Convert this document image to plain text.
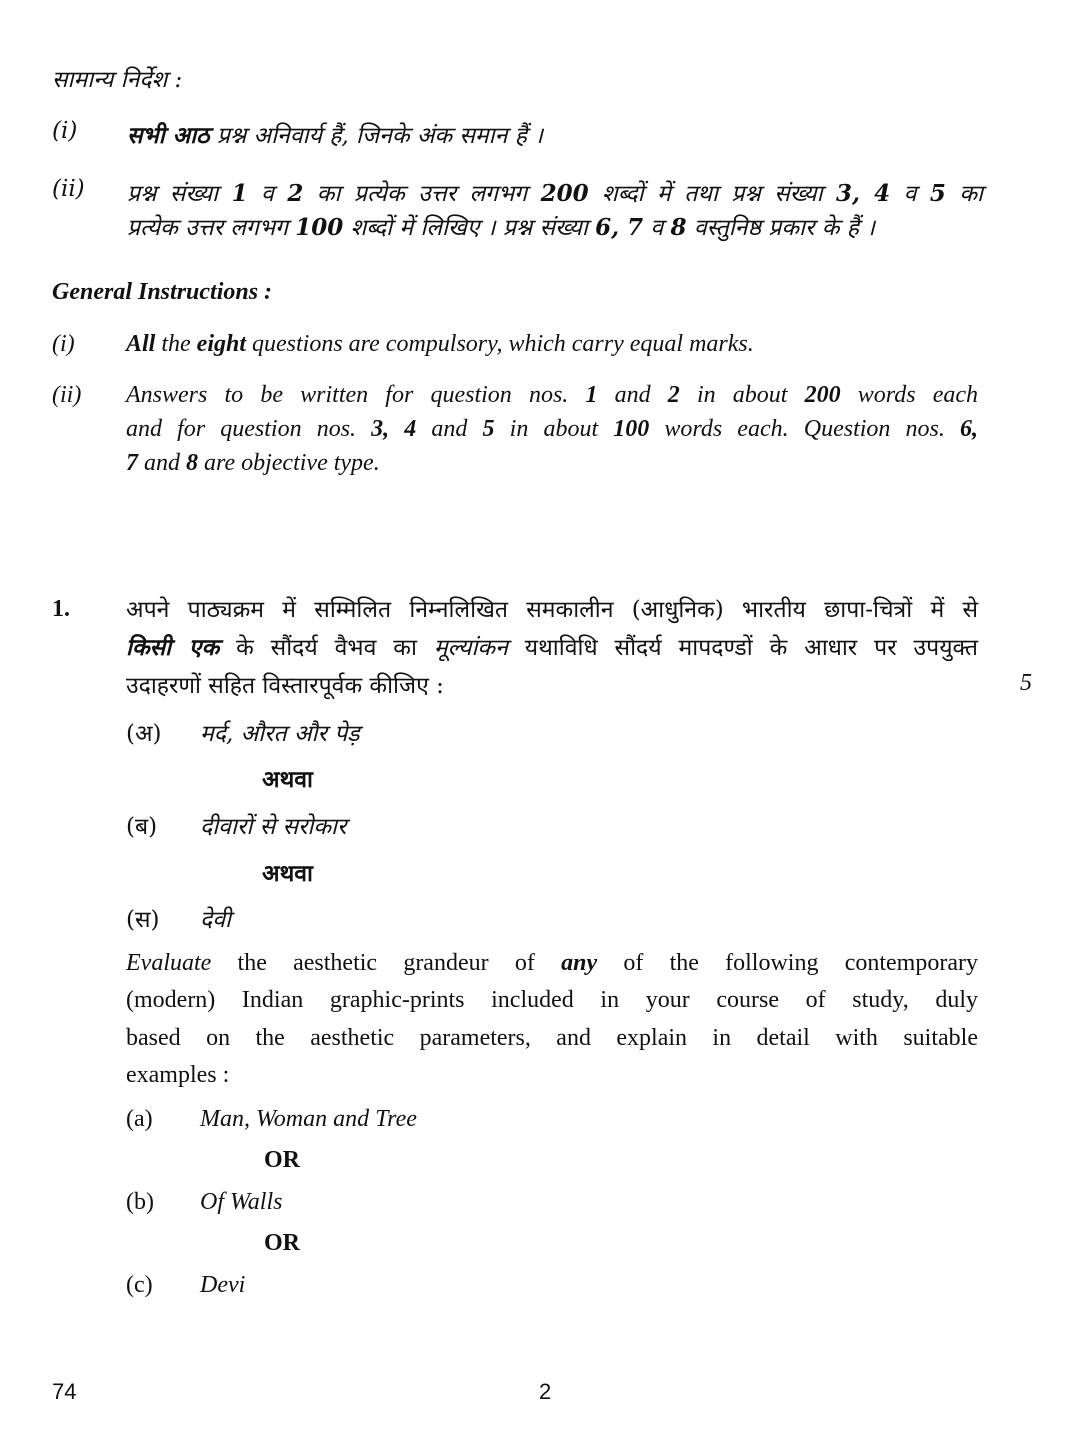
सामान्य निर्देश :
(i) सभी आठ प्रश्न अनिवार्य हैं, जिनके अंक समान हैं ।
(ii) प्रश्न संख्या 1 व 2 का प्रत्येक उत्तर लगभग 200 शब्दों में तथा प्रश्न संख्या 3, 4 व 5 का
प्रत्येक उत्तर लगभग 100 शब्दों में लिखिए । प्रश्न संख्या 6, 7 व 8 वस्तुनिष्ठ प्रकार के हैं ।
General Instructions :
(i) All the eight questions are compulsory, which carry equal marks.
(ii) Answers to be written for question nos. 1 and 2 in about 200 words each
and for question nos. 3, 4 and 5 in about 100 words each. Question nos. 6,
7 and 8 are objective type.
1. अपने पाठ्यक्रम में सम्मिलित निम्नलिखित समकालीन (आधुनिक) भारतीय छापा-चित्रों में से
किसी एक के सौंदर्य वैभव का मूल्यांकन यथाविधि सौंदर्य मापदण्डों के आधार पर उपयुक्त
उदाहरणों सहित विस्तारपूर्वक कीजिए :	5
(अ) मर्द, औरत और पेड़
अथवा
(ब) दीवारों से सरोकार
अथवा
(स) देवी
Evaluate the aesthetic grandeur of any of the following contemporary
(modern) Indian graphic-prints included in your course of study, duly
based on the aesthetic parameters, and explain in detail with suitable
examples :
(a) Man, Woman and Tree
OR
(b) Of Walls
OR
(c) Devi
74	2
